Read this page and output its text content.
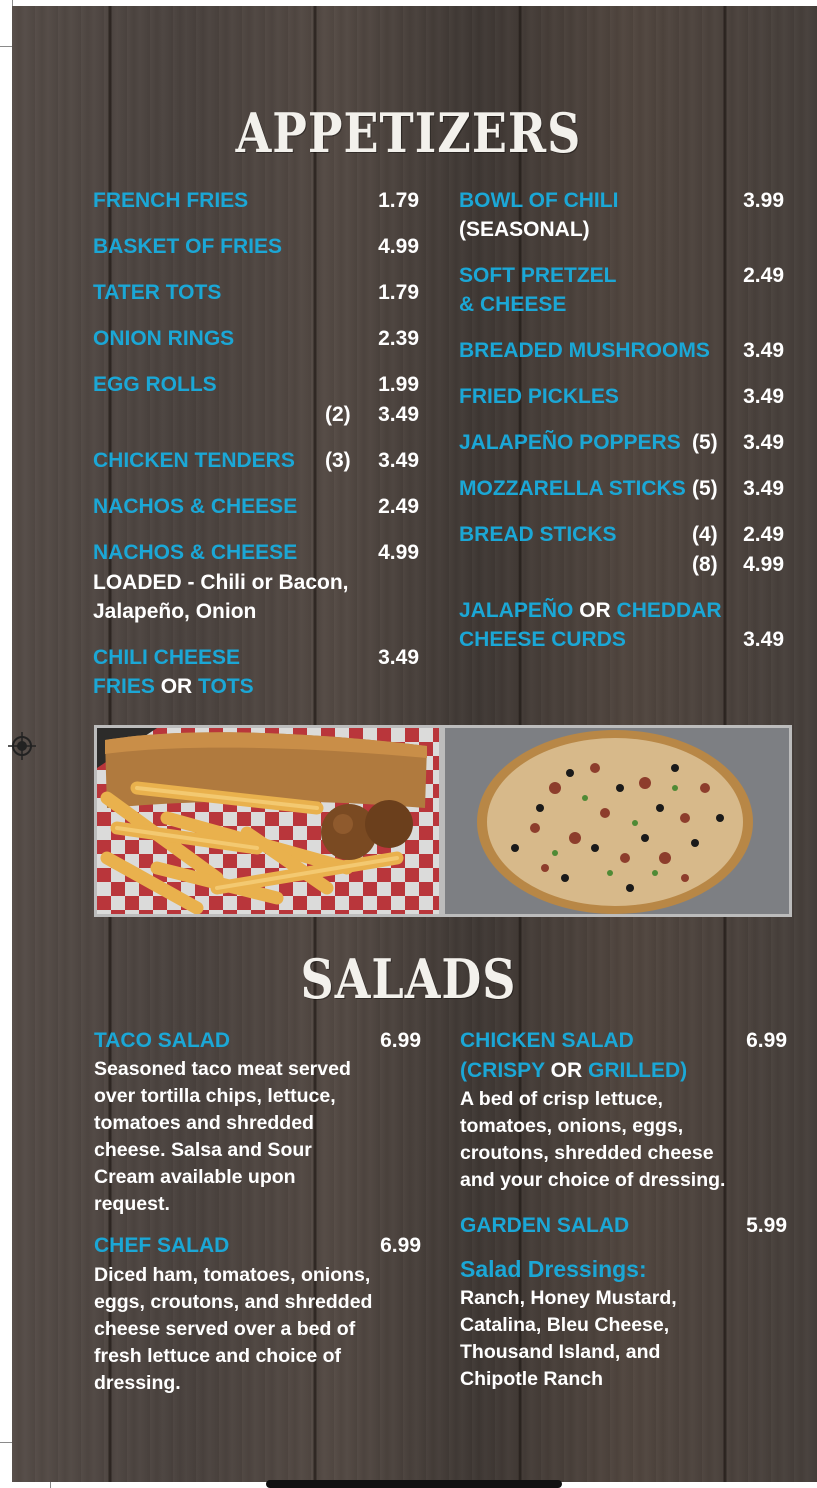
APPETIZERS
FRENCH FRIES	1.79
BASKET OF FRIES	4.99
TATER TOTS	1.79
ONION RINGS	2.39
EGG ROLLS	1.99
(2)	3.49
CHICKEN TENDERS (3)	3.49
NACHOS & CHEESE	2.49
NACHOS & CHEESE	4.99
LOADED - Chili or Bacon,
Jalapeño, Onion
CHILI CHEESE	3.49
FRIES OR TOTS
BOWL OF CHILI	3.99
(SEASONAL)
SOFT PRETZEL	2.49
& CHEESE
BREADED MUSHROOMS	3.49
FRIED PICKLES	3.49
JALAPEÑO POPPERS (5)	3.49
MOZZARELLA STICKS (5)	3.49
BREAD STICKS	(4)	2.49
(8)	4.99
JALAPEÑO OR CHEDDAR
CHEESE CURDS	3.49
SALADS
TACO SALAD	6.99
Seasoned taco meat served
over tortilla chips, lettuce,
tomatoes and shredded
cheese. Salsa and Sour
Cream available upon
request.
CHEF SALAD	6.99
Diced ham, tomatoes, onions,
eggs, croutons, and shredded
cheese served over a bed of
fresh lettuce and choice of
dressing.
CHICKEN SALAD	6.99
(CRISPY OR GRILLED)
A bed of crisp lettuce,
tomatoes, onions, eggs,
croutons, shredded cheese
and your choice of dressing.
GARDEN SALAD	5.99
Salad Dressings:
Ranch, Honey Mustard,
Catalina, Bleu Cheese,
Thousand Island, and
Chipotle Ranch
